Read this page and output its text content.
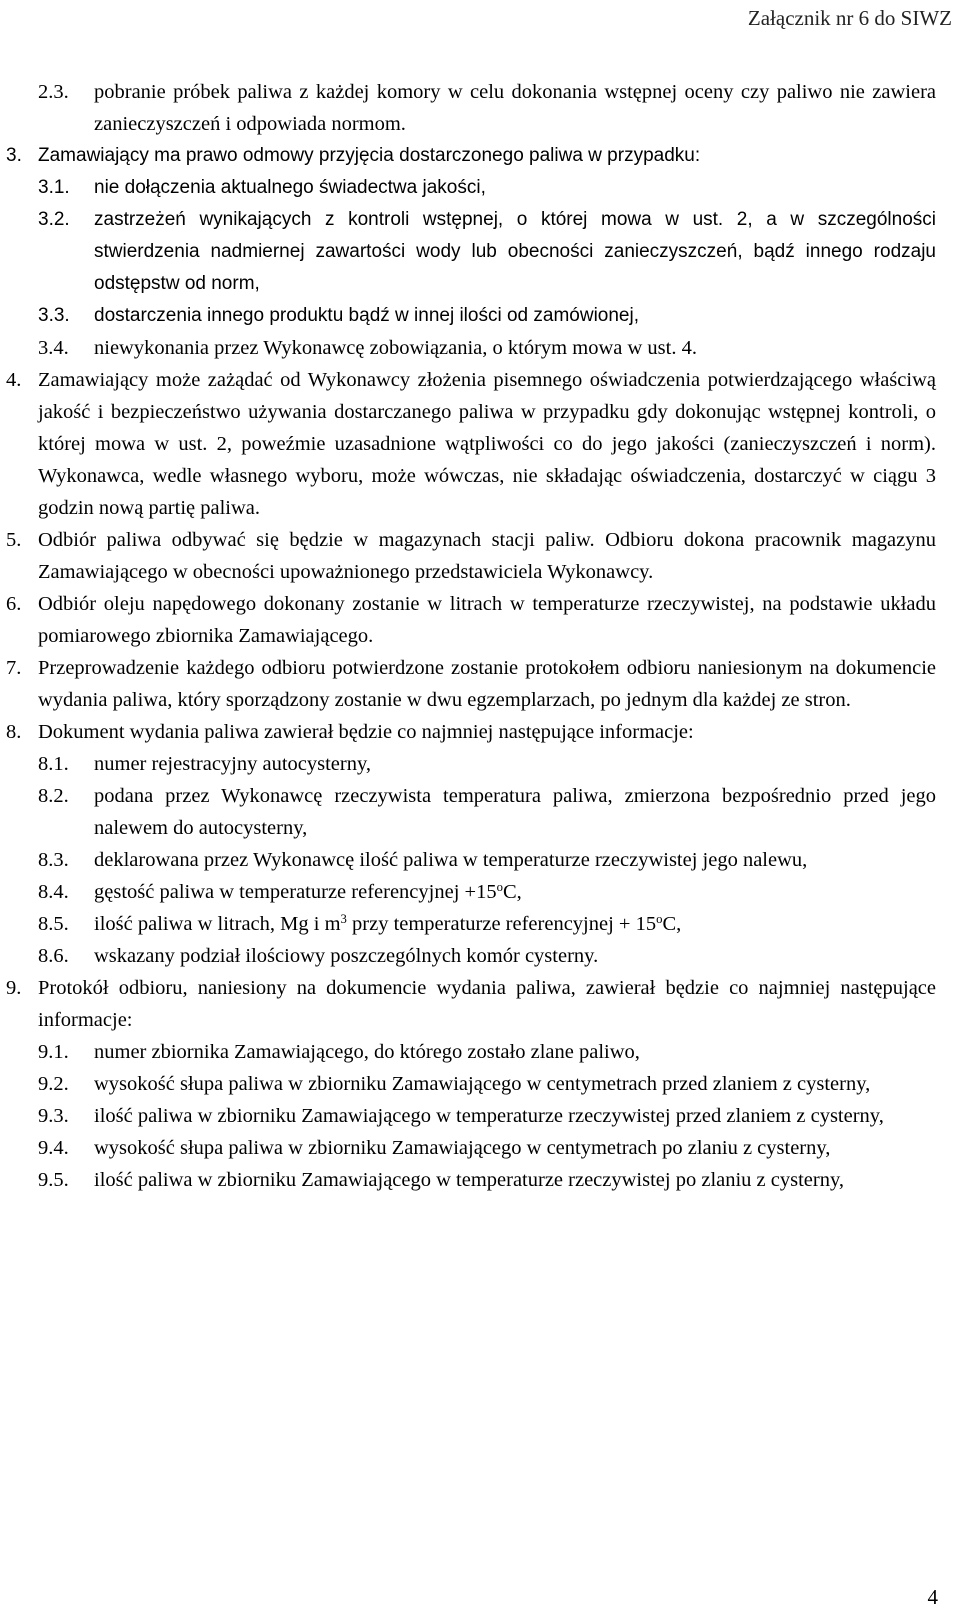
Załącznik nr 6 do SIWZ
2.3. pobranie próbek paliwa z każdej komory w celu dokonania wstępnej oceny czy paliwo nie zawiera zanieczyszczeń i odpowiada normom.
3. Zamawiający ma prawo odmowy przyjęcia dostarczonego paliwa w przypadku:
3.1. nie dołączenia aktualnego świadectwa jakości,
3.2. zastrzeżeń wynikających z kontroli wstępnej, o której mowa w ust. 2, a w szczególności stwierdzenia nadmiernej zawartości wody lub obecności zanieczyszczeń, bądź innego rodzaju odstępstw od norm,
3.3. dostarczenia innego produktu bądź w innej ilości od zamówionej,
3.4. niewykonania przez Wykonawcę zobowiązania, o którym mowa w ust. 4.
4. Zamawiający może zażądać od Wykonawcy złożenia pisemnego oświadczenia potwierdzającego właściwą jakość i bezpieczeństwo używania dostarczanego paliwa w przypadku gdy dokonując wstępnej kontroli, o której mowa w ust. 2, poweźmie uzasadnione wątpliwości co do jego jakości (zanieczyszczeń i norm). Wykonawca, wedle własnego wyboru, może wówczas, nie składając oświadczenia, dostarczyć w ciągu 3 godzin nową partię paliwa.
5. Odbiór paliwa odbywać się będzie w magazynach stacji paliw. Odbioru dokona pracownik magazynu Zamawiającego w obecności upoważnionego przedstawiciela Wykonawcy.
6. Odbiór oleju napędowego dokonany zostanie w litrach w temperaturze rzeczywistej, na podstawie układu pomiarowego zbiornika Zamawiającego.
7. Przeprowadzenie każdego odbioru potwierdzone zostanie protokołem odbioru naniesionym na dokumencie wydania paliwa, który sporządzony zostanie w dwu egzemplarzach, po jednym dla każdej ze stron.
8. Dokument wydania paliwa zawierał będzie co najmniej następujące informacje:
8.1. numer rejestracyjny autocysterny,
8.2. podana przez Wykonawcę rzeczywista temperatura paliwa, zmierzona bezpośrednio przed jego nalewem do autocysterny,
8.3. deklarowana przez Wykonawcę ilość paliwa w temperaturze rzeczywistej jego nalewu,
8.4. gęstość paliwa w temperaturze referencyjnej $+15^oC$,
8.5. ilość paliwa w litrach, Mg i $m^3$ przy temperaturze referencyjnej + $15^oC$,
8.6. wskazany podział ilościowy poszczególnych komór cysterny.
9. Protokół odbioru, naniesiony na dokumencie wydania paliwa, zawierał będzie co najmniej następujące informacje:
9.1. numer zbiornika Zamawiającego, do którego zostało zlane paliwo,
9.2. wysokość słupa paliwa w zbiorniku Zamawiającego w centymetrach przed zlaniem z cysterny,
9.3. ilość paliwa w zbiorniku Zamawiającego w temperaturze rzeczywistej przed zlaniem z cysterny,
9.4. wysokość słupa paliwa w zbiorniku Zamawiającego w centymetrach po zlaniu z cysterny,
9.5. ilość paliwa w zbiorniku Zamawiającego w temperaturze rzeczywistej po zlaniu z cysterny,
4
